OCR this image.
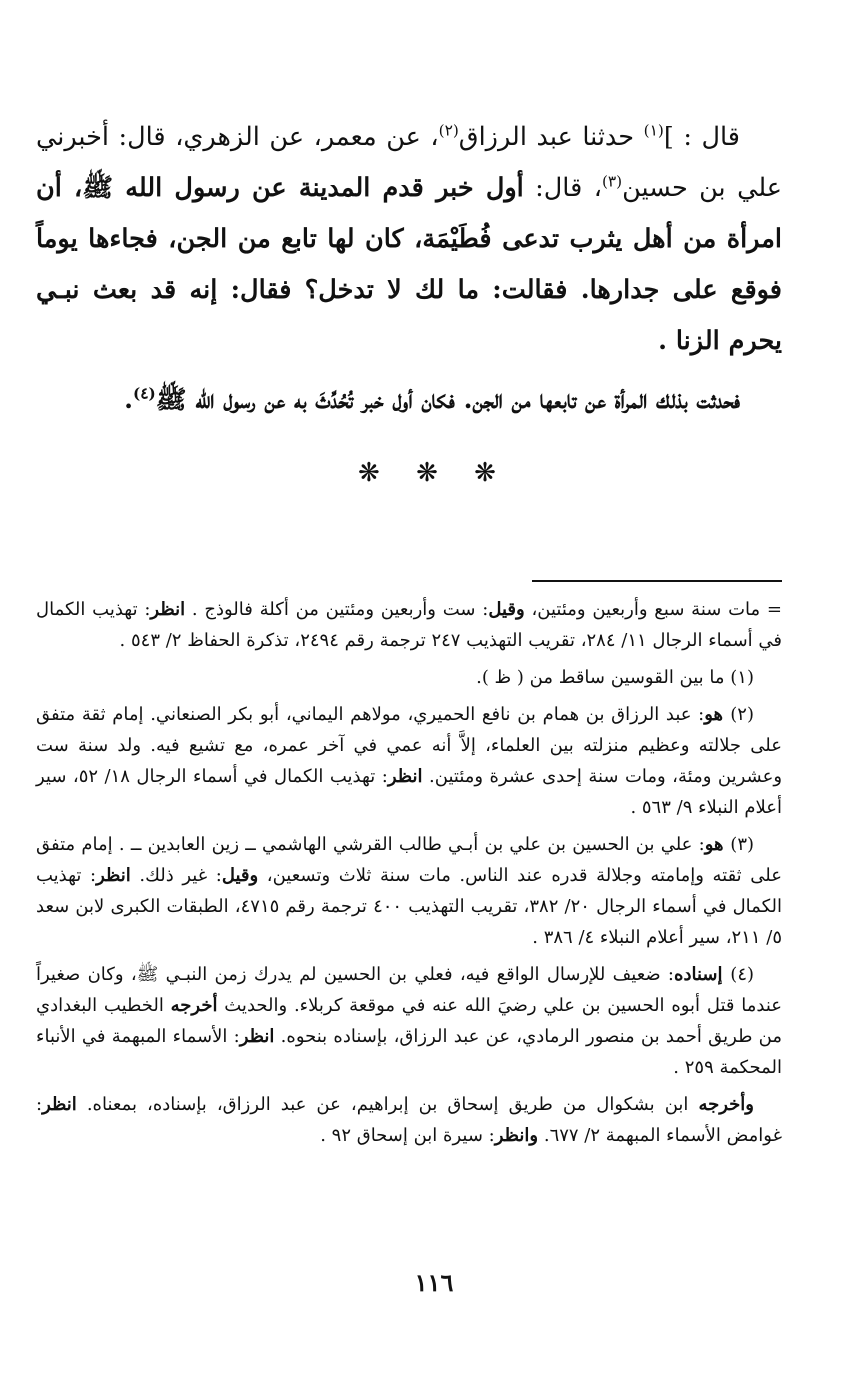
قال : ]$^{(١)}$ حدثنا عبد الرزاق$^{(٢)}$، عن معمر، عن الزهري، قال: أخبرني علي بن حسين$^{(٣)}$، قال: أول خبر قدم المدينة عن رسول الله ﷺ، أن امرأة من أهل يثرب تدعى فُطَيْمَة، كان لها تابع من الجن، فجاءها يوماً فوقع على جدارها. فقالت: ما لك لا تدخل؟ فقال: إنه قد بعث نبـي يحرم الزنا .

فحدثت بذلك المرأة عن تابعها من الجن. فكان أول خبر تُحُدِّثَ به عن رسول الله ﷺ$^{(٤)}$.

❋ ❋ ❋

= مات سنة سبع وأربعين ومئتين، وقيل: ست وأربعين ومئتين من أكلة فالوذج . انظر: تهذيب الكمال في أسماء الرجال ١١/ ٢٨٤، تقريب التهذيب ٢٤٧ ترجمة رقم ٢٤٩٤، تذكرة الحفاظ ٢/ ٥٤٣ .

(١) ما بين القوسين ساقط من ( ظ ).

(٢) هو: عبد الرزاق بن همام بن نافع الحميري، مولاهم اليماني، أبو بكر الصنعاني. إمام ثقة متفق على جلالته وعظيم منزلته بين العلماء، إلاَّ أنه عمي في آخر عمره، مع تشيع فيه. ولد سنة ست وعشرين ومئة، ومات سنة إحدى عشرة ومئتين. انظر: تهذيب الكمال في أسماء الرجال ١٨/ ٥٢، سير أعلام النبلاء ٩/ ٥٦٣ .

(٣) هو: علي بن الحسين بن علي بن أبـي طالب القرشي الهاشمي ــ زين العابدين ــ . إمام متفق على ثقته وإمامته وجلالة قدره عند الناس. مات سنة ثلاث وتسعين، وقيل: غير ذلك. انظر: تهذيب الكمال في أسماء الرجال ٢٠/ ٣٨٢، تقريب التهذيب ٤٠٠ ترجمة رقم ٤٧١٥، الطبقات الكبرى لابن سعد ٥/ ٢١١، سير أعلام النبلاء ٤/ ٣٨٦ .

(٤) إسناده: ضعيف للإرسال الواقع فيه، فعلي بن الحسين لم يدرك زمن النبـي ﷺ، وكان صغيراً عندما قتل أبوه الحسين بن علي رضيَ الله عنه في موقعة كربلاء. والحديث أخرجه الخطيب البغدادي من طريق أحمد بن منصور الرمادي، عن عبد الرزاق، بإسناده بنحوه. انظر: الأسماء المبهمة في الأنباء المحكمة ٢٥٩ .

وأخرجه ابن بشكوال من طريق إسحاق بن إبراهيم، عن عبد الرزاق، بإسناده، بمعناه. انظر: غوامض الأسماء المبهمة ٢/ ٦٧٧. وانظر: سيرة ابن إسحاق ٩٢ .

١١٦
